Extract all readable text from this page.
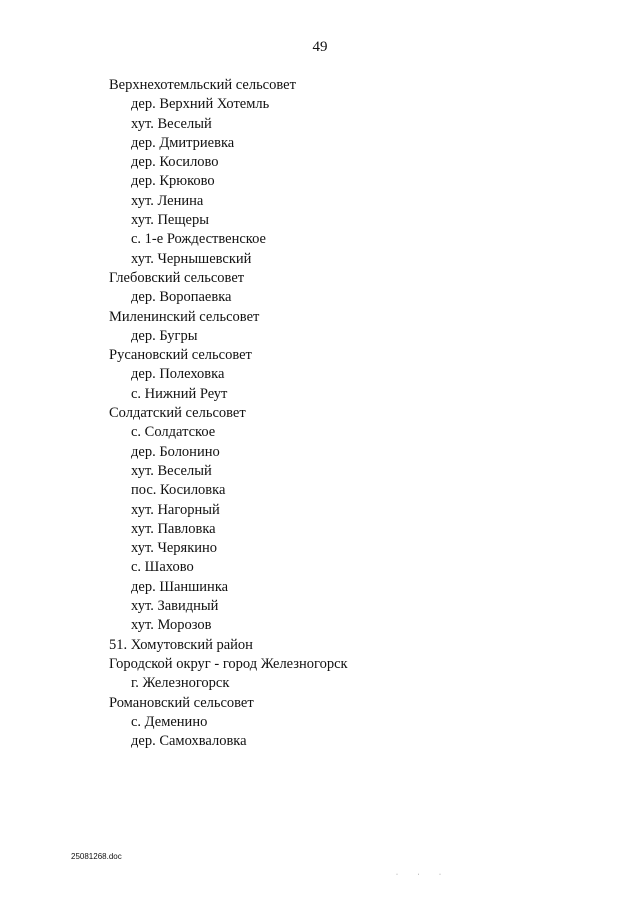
49
Верхнехотемльский сельсовет
дер. Верхний Хотемль
хут. Веселый
дер. Дмитриевка
дер. Косилово
дер. Крюково
хут. Ленина
хут. Пещеры
с. 1-е Рождественское
хут. Чернышевский
Глебовский сельсовет
дер. Воропаевка
Миленинский сельсовет
дер. Бугры
Русановский сельсовет
дер. Полеховка
с. Нижний Реут
Солдатский сельсовет
с. Солдатское
дер. Болонино
хут. Веселый
пос. Косиловка
хут. Нагорный
хут. Павловка
хут. Черякино
с. Шахово
дер. Шаншинка
хут. Завидный
хут. Морозов
51. Хомутовский район
Городской округ - город Железногорск
г. Железногорск
Романовский сельсовет
с. Деменино
дер. Самохваловка
25081268.doc
· · ·
